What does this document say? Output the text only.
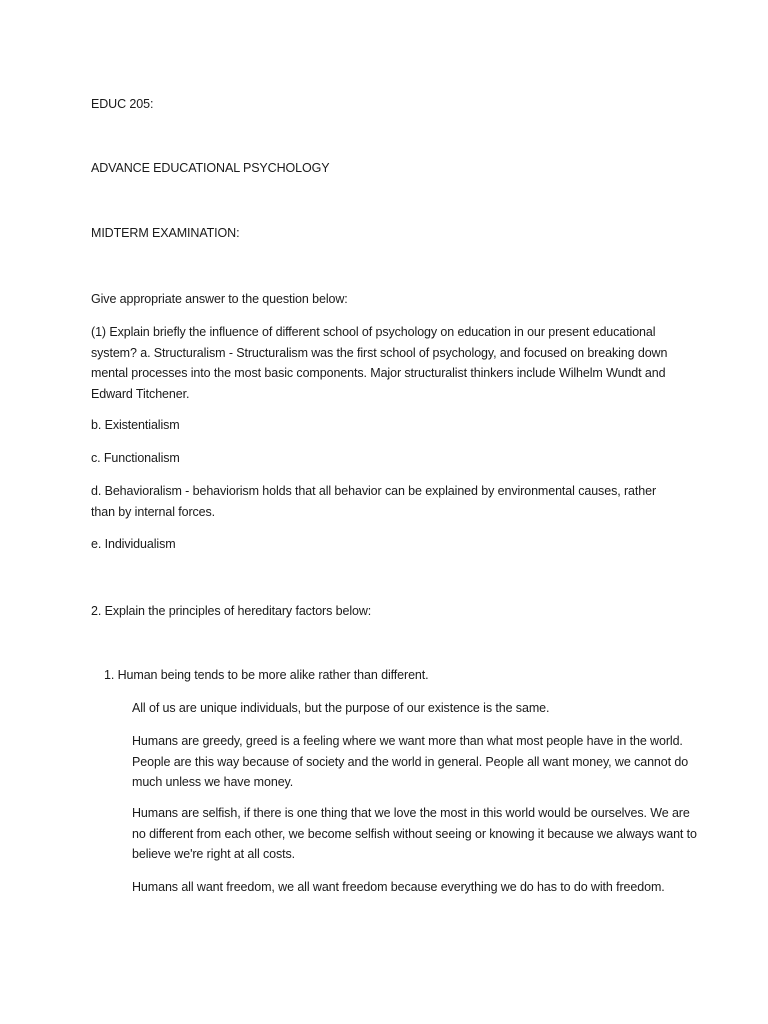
EDUC 205:

ADVANCE EDUCATIONAL PSYCHOLOGY

MIDTERM EXAMINATION:

Give appropriate answer to the question below:

(1) Explain briefly the influence of different school of psychology on education in our present educational system? a. Structuralism - Structuralism was the first school of psychology, and focused on breaking down mental processes into the most basic components. Major structuralist thinkers include Wilhelm Wundt and Edward Titchener.

b. Existentialism

c. Functionalism

d. Behavioralism - behaviorism holds that all behavior can be explained by environmental causes, rather than by internal forces.

e. Individualism

2. Explain the principles of hereditary factors below:

1. Human being tends to be more alike rather than different.

All of us are unique individuals, but the purpose of our existence is the same.

Humans are greedy, greed is a feeling where we want more than what most people have in the world. People are this way because of society and the world in general. People all want money, we cannot do much unless we have money.

Humans are selfish, if there is one thing that we love the most in this world would be ourselves. We are no different from each other, we become selfish without seeing or knowing it because we always want to believe we're right at all costs.

Humans all want freedom, we all want freedom because everything we do has to do with freedom.
